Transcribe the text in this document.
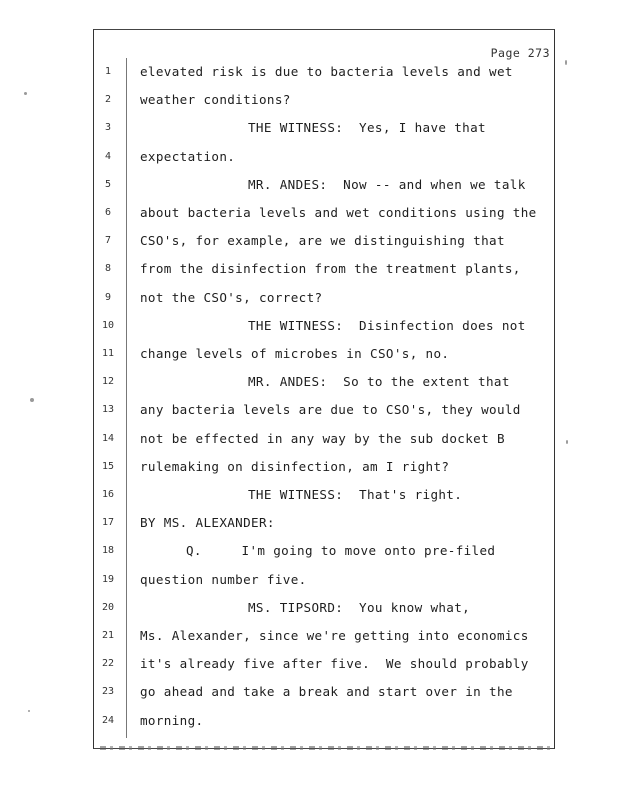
Page 273
1	elevated risk is due to bacteria levels and wet
2	weather conditions?
3	THE WITNESS:  Yes, I have that
4	expectation.
5	MR. ANDES:  Now -- and when we talk
6	about bacteria levels and wet conditions using the
7	CSO's, for example, are we distinguishing that
8	from the disinfection from the treatment plants,
9	not the CSO's, correct?
10	THE WITNESS:  Disinfection does not
11	change levels of microbes in CSO's, no.
12	MR. ANDES:  So to the extent that
13	any bacteria levels are due to CSO's, they would
14	not be effected in any way by the sub docket B
15	rulemaking on disinfection, am I right?
16	THE WITNESS:  That's right.
17	BY MS. ALEXANDER:
18	Q.     I'm going to move onto pre-filed
19	question number five.
20	MS. TIPSORD:  You know what,
21	Ms. Alexander, since we're getting into economics
22	it's already five after five.  We should probably
23	go ahead and take a break and start over in the
24	morning.
